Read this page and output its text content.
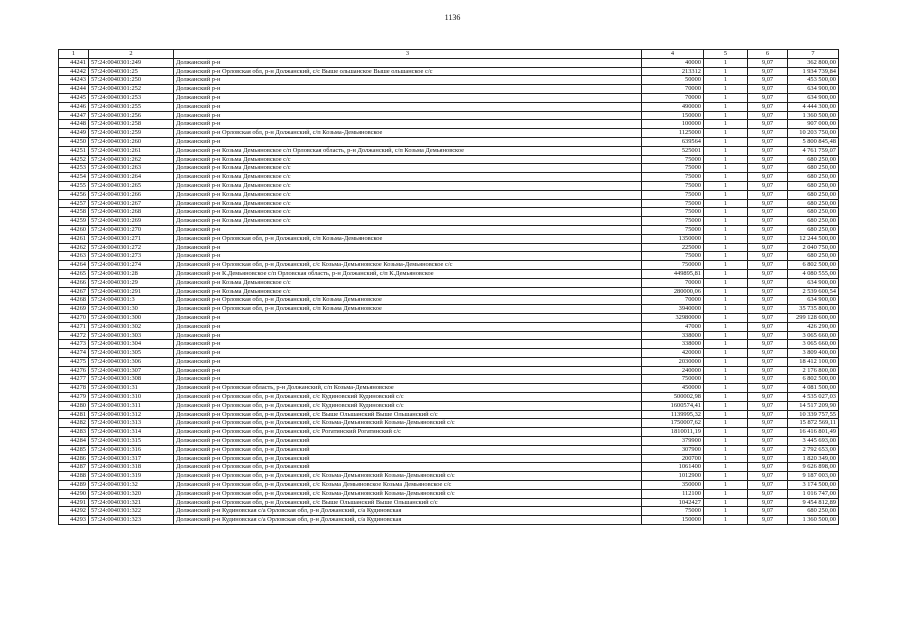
1136
1	2	3	4	5	6	7
44241	57:24:0040301:249	Должанский р-н	40000	1	9,07	362 800,00
44242	57:24:0040301:25	Должанский р-н Орловская обл, р-н Должанский, с/с Выше ольшанское Выше ольшанское с/с	213312	1	9,07	1 934 739,84
44243	57:24:0040301:250	Должанский р-н	50000	1	9,07	453 500,00
44244	57:24:0040301:252	Должанский р-н	70000	1	9,07	634 900,00
44245	57:24:0040301:253	Должанский р-н	70000	1	9,07	634 900,00
44246	57:24:0040301:255	Должанский р-н	490000	1	9,07	4 444 300,00
44247	57:24:0040301:256	Должанский р-н	150000	1	9,07	1 360 500,00
44248	57:24:0040301:258	Должанский р-н	100000	1	9,07	907 000,00
44249	57:24:0040301:259	Должанский р-н Орловская обл, р-н Должанский, с/п Козьма-Демьяновское	1125000	1	9,07	10 203 750,00
44250	57:24:0040301:260	Должанский р-н	639564	1	9,07	5 800 845,48
44251	57:24:0040301:261	Должанский р-н Козьма Демьяновское с/п Орловская область, р-н Должанский, с/п Козьма Демьяновское	525001	1	9,07	4 761 759,07
44252	57:24:0040301:262	Должанский р-н Козьма Демьяновское с/с	75000	1	9,07	680 250,00
44253	57:24:0040301:263	Должанский р-н Козьма Демьяновское с/с	75000	1	9,07	680 250,00
44254	57:24:0040301:264	Должанский р-н Козьма Демьяновское с/с	75000	1	9,07	680 250,00
44255	57:24:0040301:265	Должанский р-н Козьма Демьяновское с/с	75000	1	9,07	680 250,00
44256	57:24:0040301:266	Должанский р-н Козьма Демьяновское с/с	75000	1	9,07	680 250,00
44257	57:24:0040301:267	Должанский р-н Козьма Демьяновское с/с	75000	1	9,07	680 250,00
44258	57:24:0040301:268	Должанский р-н Козьма Демьяновское с/с	75000	1	9,07	680 250,00
44259	57:24:0040301:269	Должанский р-н Козьма Демьяновское с/с	75000	1	9,07	680 250,00
44260	57:24:0040301:270	Должанский р-н	75000	1	9,07	680 250,00
44261	57:24:0040301:271	Должанский р-н Орловская обл, р-н Должанский, с/п Козьма-Демьяновское	1350000	1	9,07	12 244 500,00
44262	57:24:0040301:272	Должанский р-н	225000	1	9,07	2 040 750,00
44263	57:24:0040301:273	Должанский р-н	75000	1	9,07	680 250,00
44264	57:24:0040301:274	Должанский р-н Орловская обл, р-н Должанский, с/с Козьма-Демьяновское Козьма-Демьяновское с/с	750000	1	9,07	6 802 500,00
44265	57:24:0040301:28	Должанский р-н К.Демьяновское с/п Орловская область, р-н Должанский, с/п К.Демьяновское	449895,81	1	9,07	4 080 555,00
44266	57:24:0040301:29	Должанский р-н Козьма Демьяновское с/с	70000	1	9,07	634 900,00
44267	57:24:0040301:291	Должанский р-н Козьма Демьяновское с/с	280000,06	1	9,07	2 539 600,54
44268	57:24:0040301:3	Должанский р-н Орловская обл, р-н Должанский, с/п Козьма Демьяновское	70000	1	9,07	634 900,00
44269	57:24:0040301:30	Должанский р-н Орловская обл, р-н Должанский, с/п Козьма Демьяновское	3940000	1	9,07	35 735 800,00
44270	57:24:0040301:300	Должанский р-н	32980000	1	9,07	299 128 600,00
44271	57:24:0040301:302	Должанский р-н	47000	1	9,07	426 290,00
44272	57:24:0040301:303	Должанский р-н	338000	1	9,07	3 065 660,00
44273	57:24:0040301:304	Должанский р-н	338000	1	9,07	3 065 660,00
44274	57:24:0040301:305	Должанский р-н	420000	1	9,07	3 809 400,00
44275	57:24:0040301:306	Должанский р-н	2030000	1	9,07	18 412 100,00
44276	57:24:0040301:307	Должанский р-н	240000	1	9,07	2 176 800,00
44277	57:24:0040301:308	Должанский р-н	750000	1	9,07	6 802 500,00
44278	57:24:0040301:31	Должанский р-н Орловская область, р-н Должанский, с/п Козьма-Демьяновское	450000	1	9,07	4 081 500,00
44279	57:24:0040301:310	Должанский р-н Орловская обл, р-н Должанский, с/с Кудиновский Кудиновский с/с	500002,98	1	9,07	4 535 027,03
44280	57:24:0040301:311	Должанский р-н Орловская обл, р-н Должанский, с/с Кудиновский Кудиновский с/с	1600574,41	1	9,07	14 517 209,90
44281	57:24:0040301:312	Должанский р-н Орловская обл, р-н Должанский, с/с Выше Ольшанский Выше Ольшанский с/с	1139995,32	1	9,07	10 339 757,55
44282	57:24:0040301:313	Должанский р-н Орловская обл, р-н Должанский, с/с Козьма-Демьяновский Козьма-Демьяновский с/с	1750007,62	1	9,07	15 872 569,11
44283	57:24:0040301:314	Должанский р-н Орловская обл, р-н Должанский, с/с Рогатинский Рогатинский с/с	1810011,19	1	9,07	16 416 801,49
44284	57:24:0040301:315	Должанский р-н Орловская обл, р-н Должанский	379900	1	9,07	3 445 693,00
44285	57:24:0040301:316	Должанский р-н Орловская обл, р-н Должанский	307900	1	9,07	2 792 653,00
44286	57:24:0040301:317	Должанский р-н Орловская обл, р-н Должанский	200700	1	9,07	1 820 349,00
44287	57:24:0040301:318	Должанский р-н Орловская обл, р-н Должанский	1061400	1	9,07	9 626 898,00
44288	57:24:0040301:319	Должанский р-н Орловская обл, р-н Должанский, с/с Козьма-Демьяновский Козьма-Демьяновский с/с	1012900	1	9,07	9 187 003,00
44289	57:24:0040301:32	Должанский р-н Орловская обл, р-н Должанский, с/с Козьма Демьяновское Козьма Демьяновское с/с	350000	1	9,07	3 174 500,00
44290	57:24:0040301:320	Должанский р-н Орловская обл, р-н Должанский, с/с Козьма-Демьяновский Козьма-Демьяновский с/с	112100	1	9,07	1 016 747,00
44291	57:24:0040301:321	Должанский р-н Орловская обл, р-н Должанский, с/с Выше Ольшанский Выше Ольшанский с/с	1042427	1	9,07	9 454 812,89
44292	57:24:0040301:322	Должанский р-н Кудиновская с/а Орловская обл, р-н Должанский, с/а Кудиновская	75000	1	9,07	680 250,00
44293	57:24:0040301:323	Должанский р-н Кудиновская с/а Орловская обл, р-н Должанский, с/а Кудиновская	150000	1	9,07	1 360 500,00
